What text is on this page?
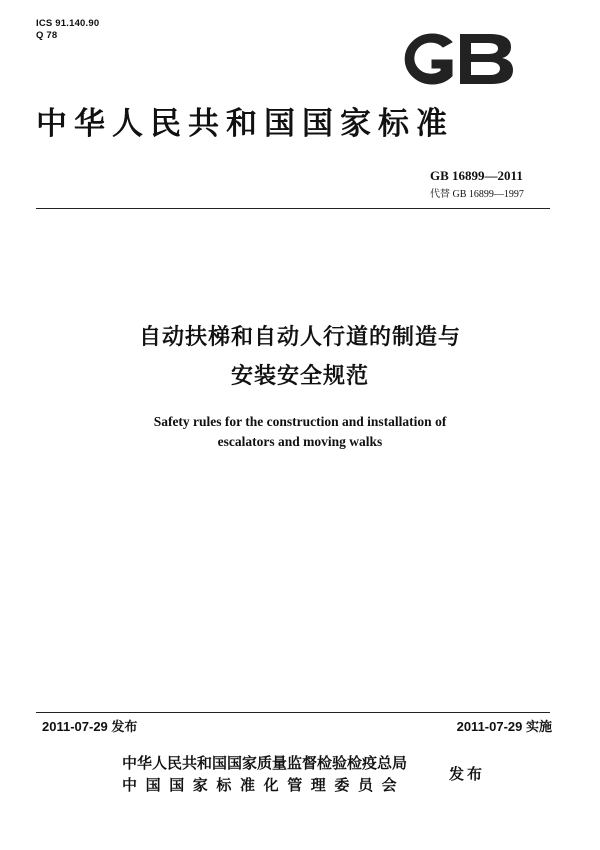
ICS 91.140.90
Q 78
中华人民共和国国家标准
GB 16899—2011
代替 GB 16899—1997
自动扶梯和自动人行道的制造与
安装安全规范
Safety rules for the construction and installation of
escalators and moving walks
2011-07-29 发布	2011-07-29 实施
中华人民共和国国家质量监督检验检疫总局
中国国家标准化管理委员会
发布
